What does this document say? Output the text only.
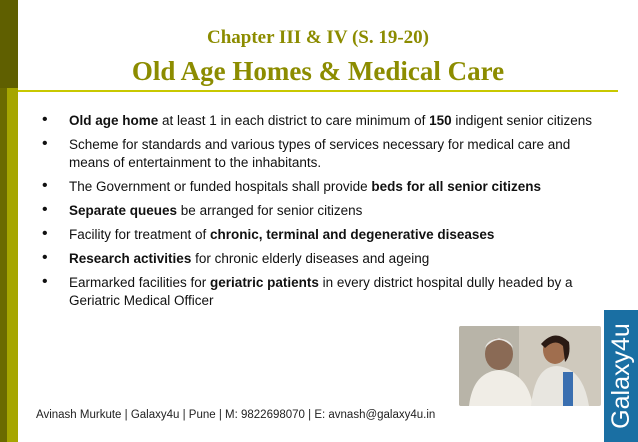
Chapter III & IV (S. 19-20)
Old Age Homes & Medical Care
• Old age home at least 1 in each district to care minimum of 150 indigent senior citizens
• Scheme for standards and various types of services necessary for medical care and means of entertainment to the inhabitants.
• The Government or funded hospitals shall provide beds for all senior citizens
• Separate queues be arranged for senior citizens
• Facility for treatment of chronic, terminal and degenerative diseases
• Research activities for chronic elderly diseases and ageing
• Earmarked facilities for geriatric patients in every district hospital dully headed by a Geriatric Medical Officer
Galaxy4u
Avinash Murkute | Galaxy4u | Pune | M: 9822698070 | E: avnash@galaxy4u.in
